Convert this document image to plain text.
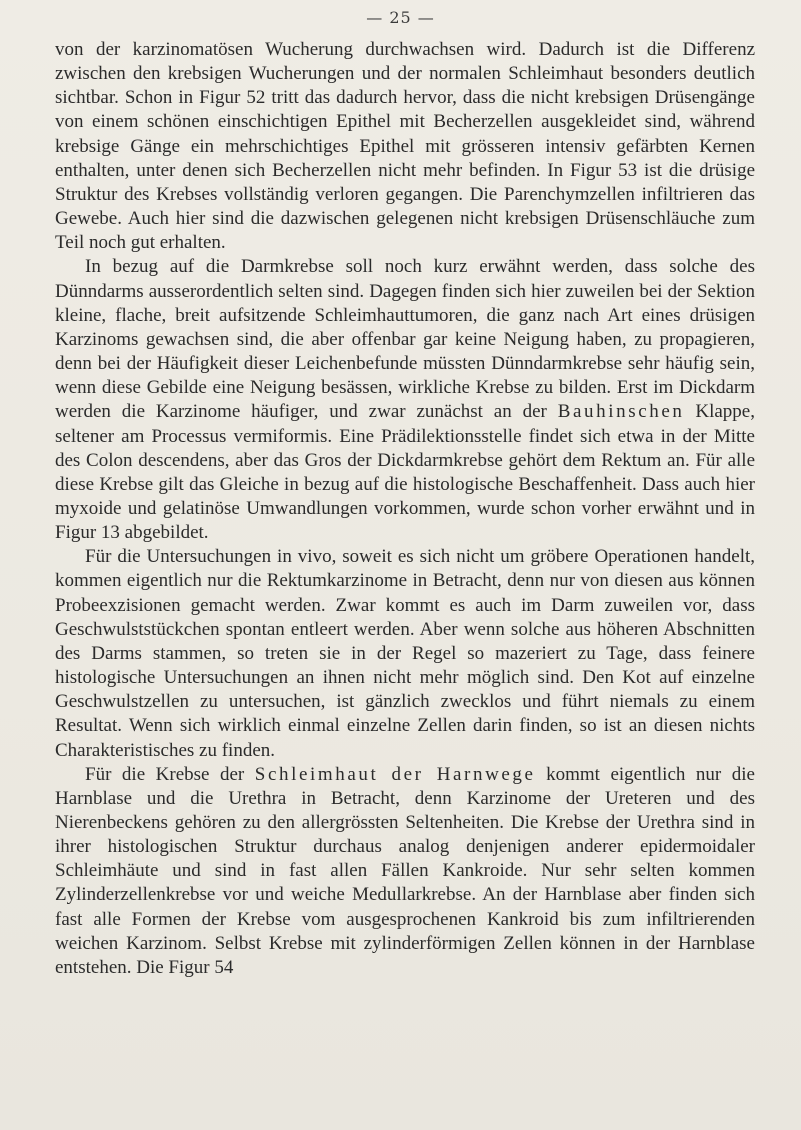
— 25 —

von der karzinomatösen Wucherung durchwachsen wird. Dadurch ist die Differenz zwischen den krebsigen Wucherungen und der normalen Schleimhaut besonders deutlich sichtbar. Schon in Figur 52 tritt das dadurch hervor, dass die nicht krebsigen Drüsengänge von einem schönen einschichtigen Epithel mit Becherzellen ausgekleidet sind, während krebsige Gänge ein mehrschichtiges Epithel mit grösseren intensiv gefärbten Kernen enthalten, unter denen sich Becherzellen nicht mehr befinden. In Figur 53 ist die drüsige Struktur des Krebses vollständig verloren gegangen. Die Parenchymzellen infiltrieren das Gewebe. Auch hier sind die dazwischen gelegenen nicht krebsigen Drüsenschläuche zum Teil noch gut erhalten.

In bezug auf die Darmkrebse soll noch kurz erwähnt werden, dass solche des Dünndarms ausserordentlich selten sind. Dagegen finden sich hier zuweilen bei der Sektion kleine, flache, breit aufsitzende Schleimhauttumoren, die ganz nach Art eines drüsigen Karzinoms gewachsen sind, die aber offenbar gar keine Neigung haben, zu propagieren, denn bei der Häufigkeit dieser Leichenbefunde müssten Dünndarmkrebse sehr häufig sein, wenn diese Gebilde eine Neigung besässen, wirkliche Krebse zu bilden. Erst im Dickdarm werden die Karzinome häufiger, und zwar zunächst an der Bauhinschen Klappe, seltener am Processus vermiformis. Eine Prädilektionsstelle findet sich etwa in der Mitte des Colon descendens, aber das Gros der Dickdarmkrebse gehört dem Rektum an. Für alle diese Krebse gilt das Gleiche in bezug auf die histologische Beschaffenheit. Dass auch hier myxoide und gelatinöse Umwandlungen vorkommen, wurde schon vorher erwähnt und in Figur 13 abgebildet.

Für die Untersuchungen in vivo, soweit es sich nicht um gröbere Operationen handelt, kommen eigentlich nur die Rektumkarzinome in Betracht, denn nur von diesen aus können Probeexzisionen gemacht werden. Zwar kommt es auch im Darm zuweilen vor, dass Geschwulststückchen spontan entleert werden. Aber wenn solche aus höheren Abschnitten des Darms stammen, so treten sie in der Regel so mazeriert zu Tage, dass feinere histologische Untersuchungen an ihnen nicht mehr möglich sind. Den Kot auf einzelne Geschwulstzellen zu untersuchen, ist gänzlich zwecklos und führt niemals zu einem Resultat. Wenn sich wirklich einmal einzelne Zellen darin finden, so ist an diesen nichts Charakteristisches zu finden.

Für die Krebse der Schleimhaut der Harnwege kommt eigentlich nur die Harnblase und die Urethra in Betracht, denn Karzinome der Ureteren und des Nierenbeckens gehören zu den allergrössten Seltenheiten. Die Krebse der Urethra sind in ihrer histologischen Struktur durchaus analog denjenigen anderer epidermoidaler Schleimhäute und sind in fast allen Fällen Kankroide. Nur sehr selten kommen Zylinderzellenkrebse vor und weiche Medullarkrebse. An der Harnblase aber finden sich fast alle Formen der Krebse vom ausgesprochenen Kankroid bis zum infiltrierenden weichen Karzinom. Selbst Krebse mit zylinderförmigen Zellen können in der Harnblase entstehen. Die Figur 54
